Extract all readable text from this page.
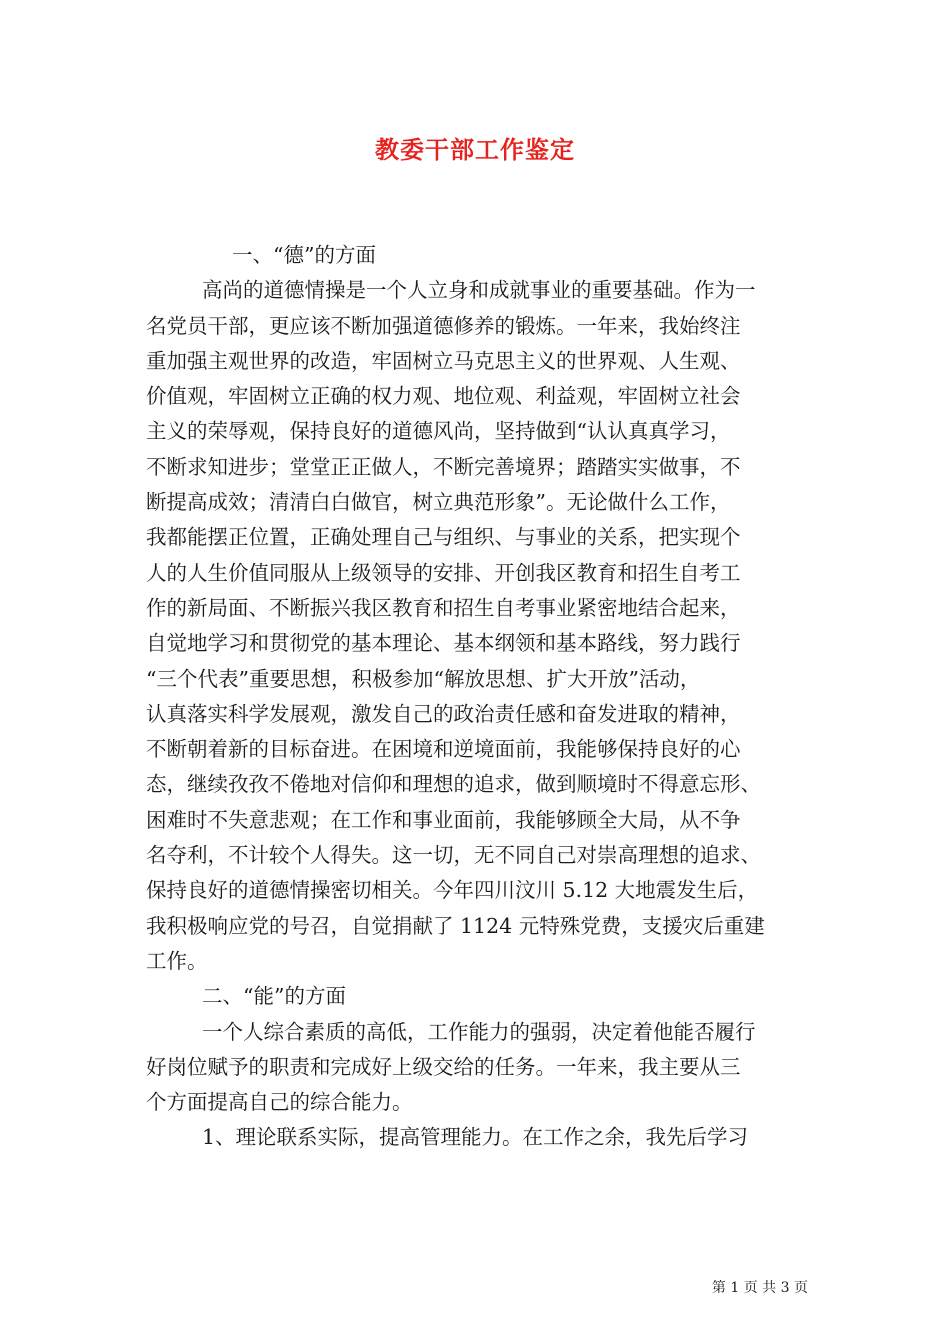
教委干部工作鉴定
一、“德”的方面
高尚的道德情操是一个人立身和成就事业的重要基础。作为一
名党员干部，更应该不断加强道德修养的锻炼。一年来，我始终注
重加强主观世界的改造，牢固树立马克思主义的世界观、人生观、
价值观，牢固树立正确的权力观、地位观、利益观，牢固树立社会
主义的荣辱观，保持良好的道德风尚，坚持做到“认认真真学习，
不断求知进步；堂堂正正做人，不断完善境界；踏踏实实做事，不
断提高成效；清清白白做官，树立典范形象”。无论做什么工作，
我都能摆正位置，正确处理自己与组织、与事业的关系，把实现个
人的人生价值同服从上级领导的安排、开创我区教育和招生自考工
作的新局面、不断振兴我区教育和招生自考事业紧密地结合起来，
自觉地学习和贯彻党的基本理论、基本纲领和基本路线，努力践行
“三个代表”重要思想，积极参加“解放思想、扩大开放”活动，
认真落实科学发展观，激发自己的政治责任感和奋发进取的精神，
不断朝着新的目标奋进。在困境和逆境面前，我能够保持良好的心
态，继续孜孜不倦地对信仰和理想的追求，做到顺境时不得意忘形、
困难时不失意悲观；在工作和事业面前，我能够顾全大局，从不争
名夺利，不计较个人得失。这一切，无不同自己对崇高理想的追求、
保持良好的道德情操密切相关。今年四川汶川 5.12 大地震发生后，
我积极响应党的号召，自觉捐献了 1124 元特殊党费，支援灾后重建
工作。
二、“能”的方面
一个人综合素质的高低，工作能力的强弱，决定着他能否履行
好岗位赋予的职责和完成好上级交给的任务。一年来，我主要从三
个方面提高自己的综合能力。
1、理论联系实际，提高管理能力。在工作之余，我先后学习
第 1 页 共 3 页
